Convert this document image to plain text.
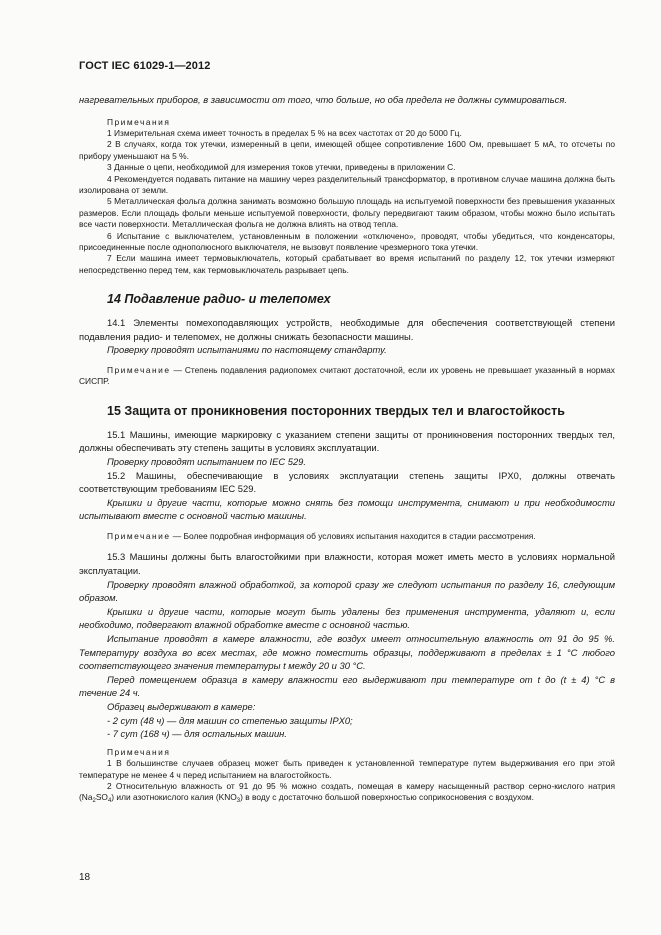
ГОСТ IEC 61029-1—2012

нагревательных приборов, в зависимости от того, что больше, но оба предела не должны суммироваться.

Примечания

1 Измерительная схема имеет точность в пределах 5 % на всех частотах от 20 до 5000 Гц.

2 В случаях, когда ток утечки, измеренный в цепи, имеющей общее сопротивление 1600 Ом, превышает 5 мА, то отсчеты по прибору уменьшают на 5 %.

3 Данные о цепи, необходимой для измерения токов утечки, приведены в приложении С.

4 Рекомендуется подавать питание на машину через разделительный трансформатор, в противном случае машина должна быть изолирована от земли.

5 Металлическая фольга должна занимать возможно большую площадь на испытуемой поверхности без превышения указанных размеров. Если площадь фольги меньше испытуемой поверхности, фольгу передвигают таким образом, чтобы можно было испытать все части поверхности. Металлическая фольга не должна влиять на отвод тепла.

6 Испытание с выключателем, установленным в положении «отключено», проводят, чтобы убедиться, что конденсаторы, присоединенные после однополюсного выключателя, не вызовут появление чрезмерного тока утечки.

7 Если машина имеет термовыключатель, который срабатывает во время испытаний по разделу 12, ток утечки измеряют непосредственно перед тем, как термовыключатель разрывает цепь.

14 Подавление радио- и телепомех

14.1 Элементы помехоподавляющих устройств, необходимые для обеспечения соответствующей степени подавления радио- и телепомех, не должны снижать безопасности машины.

Проверку проводят испытаниями по настоящему стандарту.

Примечание — Степень подавления радиопомех считают достаточной, если их уровень не превышает указанный в нормах СИСПР.

15 Защита от проникновения посторонних твердых тел и влагостойкость

15.1 Машины, имеющие маркировку с указанием степени защиты от проникновения посторонних твердых тел, должны обеспечивать эту степень защиты в условиях эксплуатации.

Проверку проводят испытанием по IEC 529.

15.2 Машины, обеспечивающие в условиях эксплуатации степень защиты IPX0, должны отвечать соответствующим требованиям IEC 529.

Крышки и другие части, которые можно снять без помощи инструмента, снимают и при необходимости испытывают вместе с основной частью машины.

Примечание — Более подробная информация об условиях испытания находится в стадии рассмотрения.

15.3 Машины должны быть влагостойкими при влажности, которая может иметь место в условиях нормальной эксплуатации.

Проверку проводят влажной обработкой, за которой сразу же следуют испытания по разделу 16, следующим образом.

Крышки и другие части, которые могут быть удалены без применения инструмента, удаляют и, если необходимо, подвергают влажной обработке вместе с основной частью.

Испытание проводят в камере влажности, где воздух имеет относительную влажность от 91 до 95 %. Температуру воздуха во всех местах, где можно поместить образцы, поддерживают в пределах ± 1 °С любого соответствующего значения температуры t между 20 и 30 °С.

Перед помещением образца в камеру влажности его выдерживают при температуре от t до (t ± 4) °С в течение 24 ч.

Образец выдерживают в камере:

- 2 сут (48 ч) — для машин со степенью защиты IPX0;

- 7 сут (168 ч) — для остальных машин.

Примечания

1 В большинстве случаев образец может быть приведен к установленной температуре путем выдерживания его при этой температуре не менее 4 ч перед испытанием на влагостойкость.

2 Относительную влажность от 91 до 95 % можно создать, помещая в камеру насыщенный раствор серно-кислого натрия $(Na_2SO_4)$ или азотнокислого калия $(KNO_3)$ в воду с достаточно большой поверхностью соприкосновения с воздухом.

18
